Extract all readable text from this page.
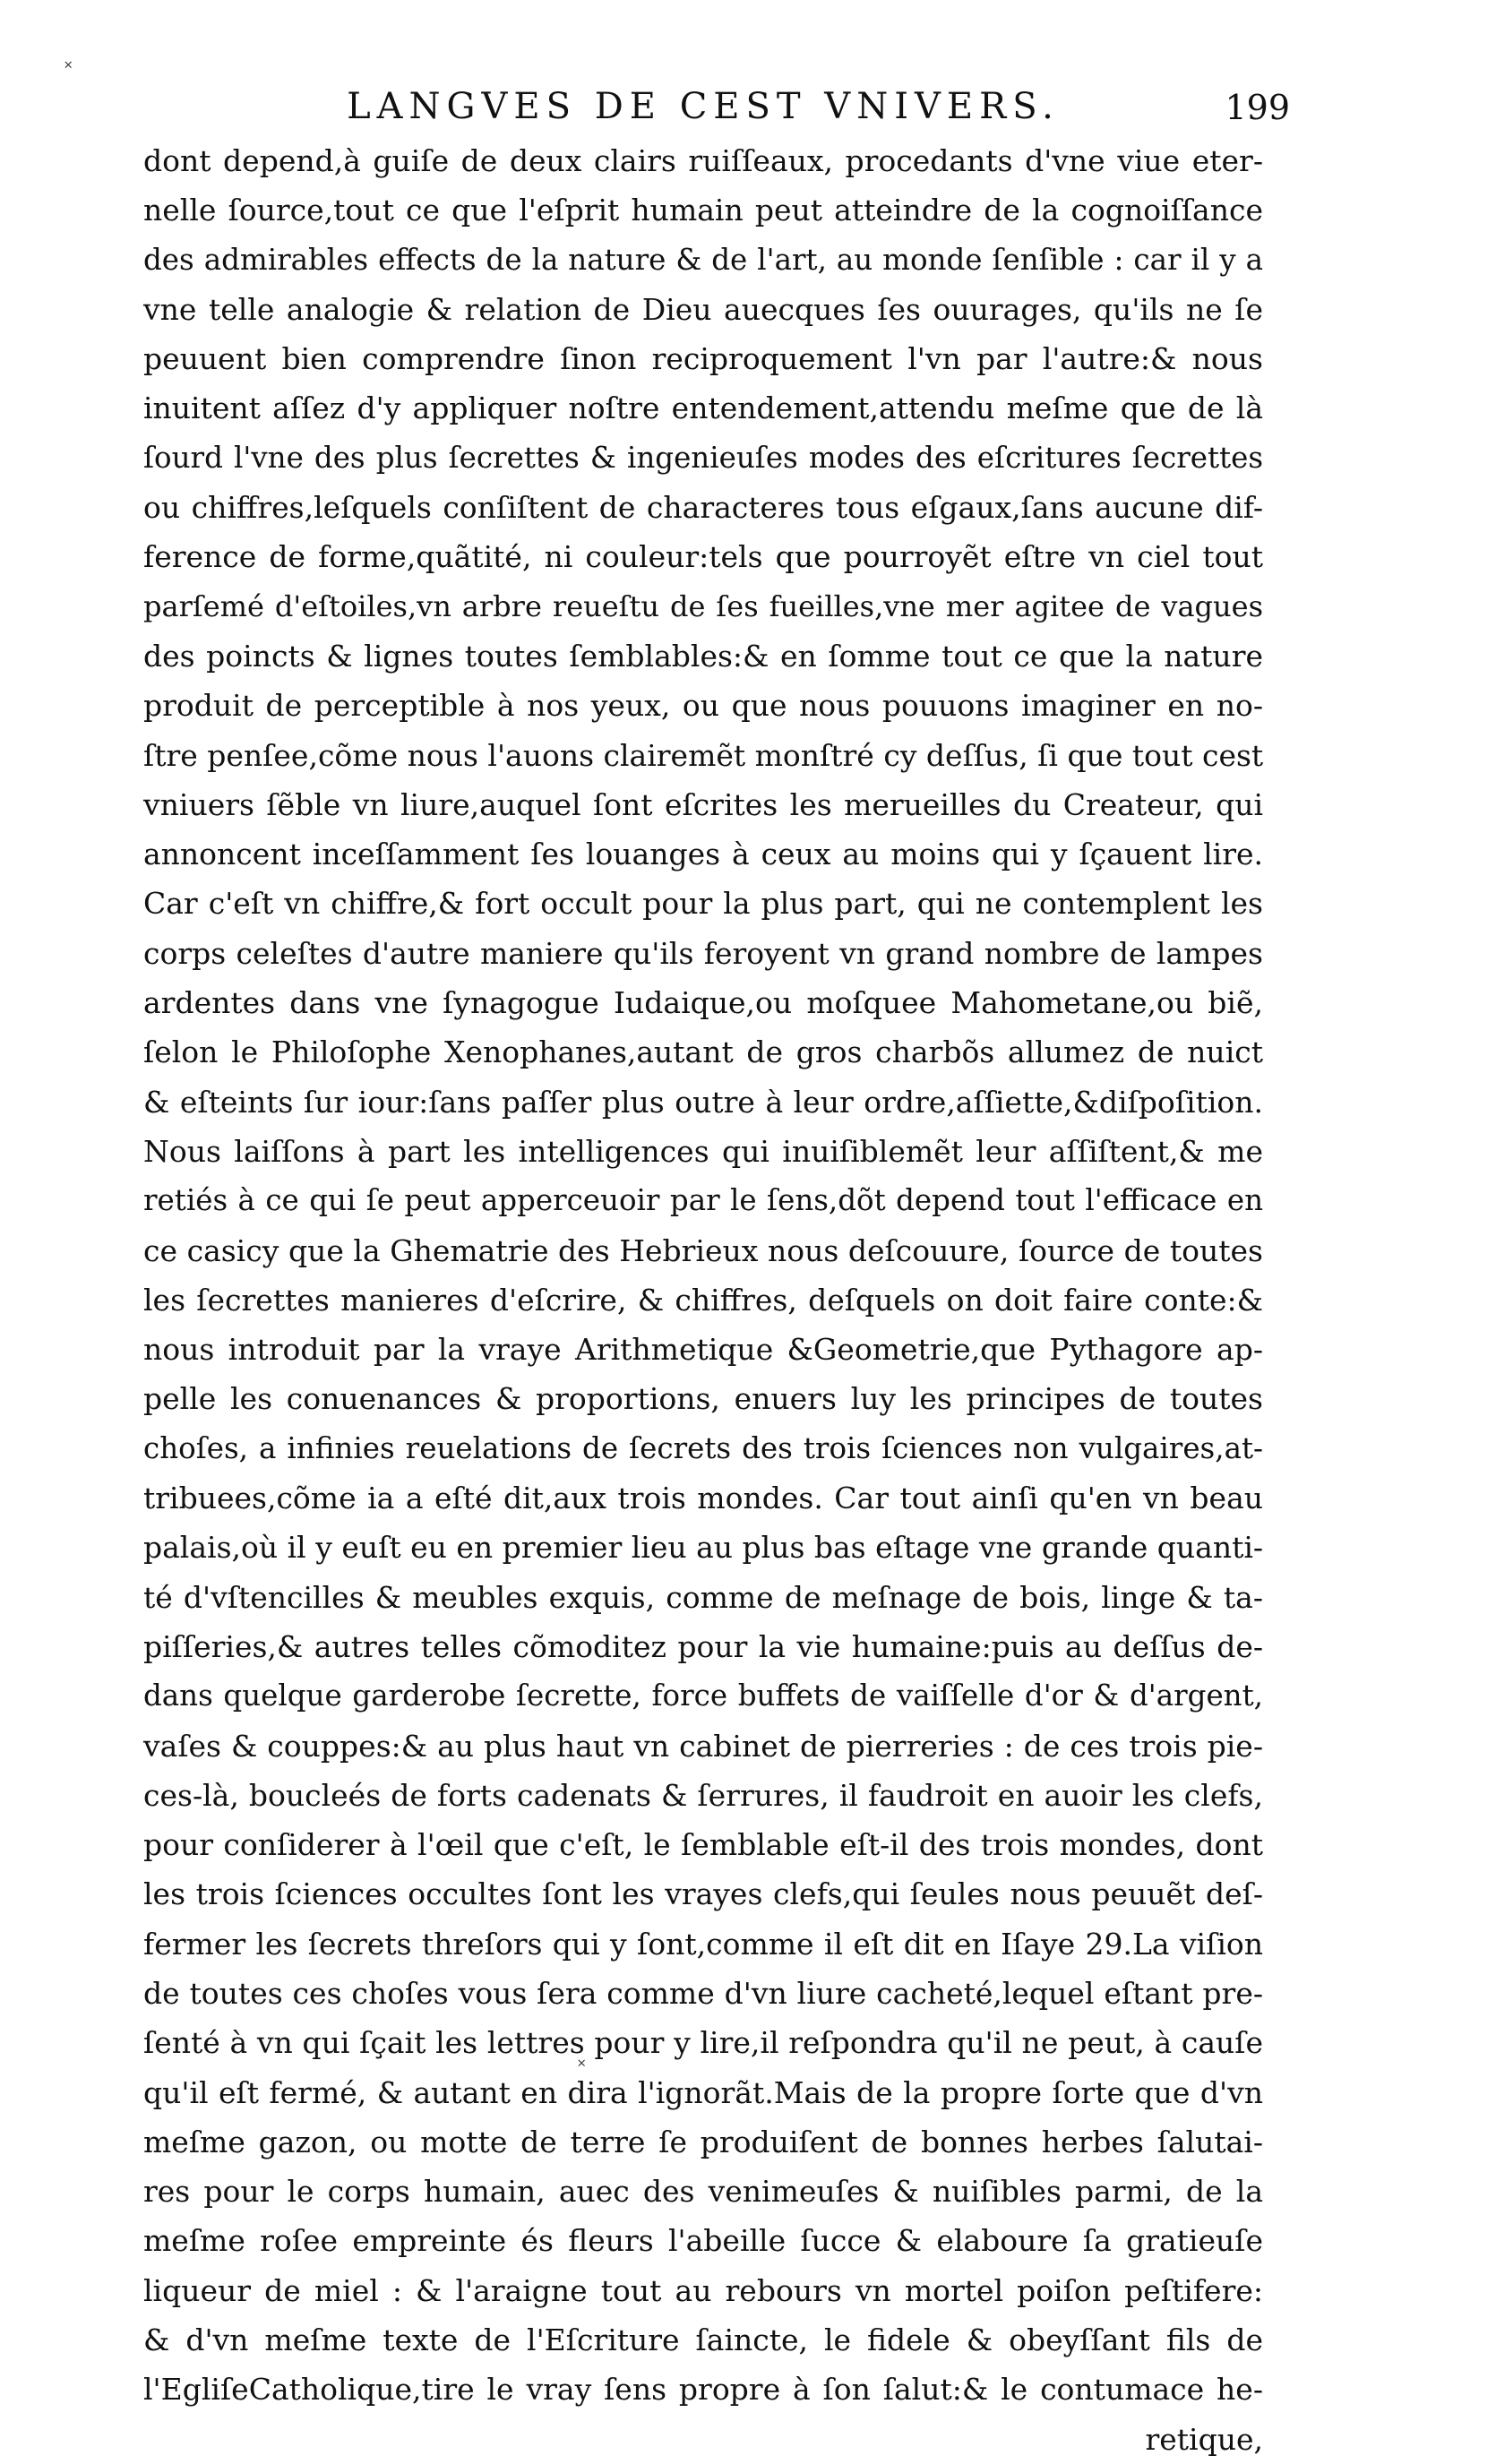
LANGVES DE CEST VNIVERS.	199
dont depend,à guiſe de deux clairs ruiſſeaux, procedants d'vne viue eter-
nelle ſource,tout ce que l'eſprit humain peut atteindre de la cognoiſſance
des admirables effects de la nature & de l'art, au monde ſenſible : car il y a
vne telle analogie & relation de Dieu auecques ſes ouurages, qu'ils ne ſe
peuuent bien comprendre ſinon reciproquement l'vn par l'autre:& nous
inuitent aſſez d'y appliquer noſtre entendement,attendu meſme que de là
ſourd l'vne des plus ſecrettes & ingenieuſes modes des eſcritures ſecrettes
ou chiffres,leſquels conſiſtent de characteres tous eſgaux,ſans aucune dif-
ference de forme,quãtité, ni couleur:tels que pourroyẽt eſtre vn ciel tout
parſemé d'eſtoiles,vn arbre reueſtu de ſes fueilles,vne mer agitee de vagues
des poincts & lignes toutes ſemblables:& en ſomme tout ce que la nature
produit de perceptible à nos yeux, ou que nous pouuons imaginer en no-
ſtre penſee,cõme nous l'auons clairemẽt monſtré cy deſſus, ſi que tout cest
vniuers ſẽble vn liure,auquel ſont eſcrites les merueilles du Createur, qui
annoncent inceſſamment ſes louanges à ceux au moins qui y ſçauent lire.
Car c'eſt vn chiffre,& fort occult pour la plus part, qui ne contemplent les
corps celeſtes d'autre maniere qu'ils feroyent vn grand nombre de lampes
ardentes dans vne ſynagogue Iudaique,ou moſquee Mahometane,ou biẽ,
ſelon le Philoſophe Xenophanes,autant de gros charbõs allumez de nuict
& eſteints ſur iour:ſans paſſer plus outre à leur ordre,aſſiette,&diſpoſition.
Nous laiſſons à part les intelligences qui inuiſiblemẽt leur aſſiſtent,& me
retiés à ce qui ſe peut apperceuoir par le ſens,dõt depend tout l'efficace en
ce casicy que la Ghematrie des Hebrieux nous deſcouure, ſource de toutes
les ſecrettes manieres d'eſcrire, & chiffres, deſquels on doit faire conte:&
nous introduit par la vraye Arithmetique &Geometrie,que Pythagore ap-
pelle les conuenances & proportions, enuers luy les principes de toutes
choſes, a infinies reuelations de ſecrets des trois ſciences non vulgaires,at-
tribuees,cõme ia a eſté dit,aux trois mondes. Car tout ainſi qu'en vn beau
palais,où il y euſt eu en premier lieu au plus bas eſtage vne grande quanti-
té d'vſtencilles & meubles exquis, comme de meſnage de bois, linge & ta-
piſſeries,& autres telles cõmoditez pour la vie humaine:puis au deſſus de-
dans quelque garderobe ſecrette, force buffets de vaiſſelle d'or & d'argent,
vaſes & couppes:& au plus haut vn cabinet de pierreries : de ces trois pie-
ces-là, boucleés de forts cadenats & ſerrures, il faudroit en auoir les clefs,
pour conſiderer à l'œil que c'eſt, le ſemblable eſt-il des trois mondes, dont
les trois ſciences occultes ſont les vrayes clefs,qui ſeules nous peuuẽt deſ-
fermer les ſecrets threſors qui y ſont,comme il eſt dit en Iſaye 29.La viſion
de toutes ces choſes vous ſera comme d'vn liure cacheté,lequel eſtant pre-
ſenté à vn qui ſçait les lettres pour y lire,il reſpondra qu'il ne peut, à cauſe
qu'il eſt fermé, & autant en dira l'ignorãt.Mais de la propre ſorte que d'vn
meſme gazon, ou motte de terre ſe produiſent de bonnes herbes ſalutai-
res pour le corps humain, auec des venimeuſes & nuiſibles parmi, de la
meſme roſee empreinte és fleurs l'abeille ſucce & elaboure ſa gratieuſe
liqueur de miel : & l'araigne tout au rebours vn mortel poiſon peſtifere:
& d'vn meſme texte de l'Eſcriture ſaincte, le fidele & obeyſſant fils de
l'EgliſeCatholique,tire le vray ſens propre à ſon ſalut:& le contumace he-
retique,
˟
˟
